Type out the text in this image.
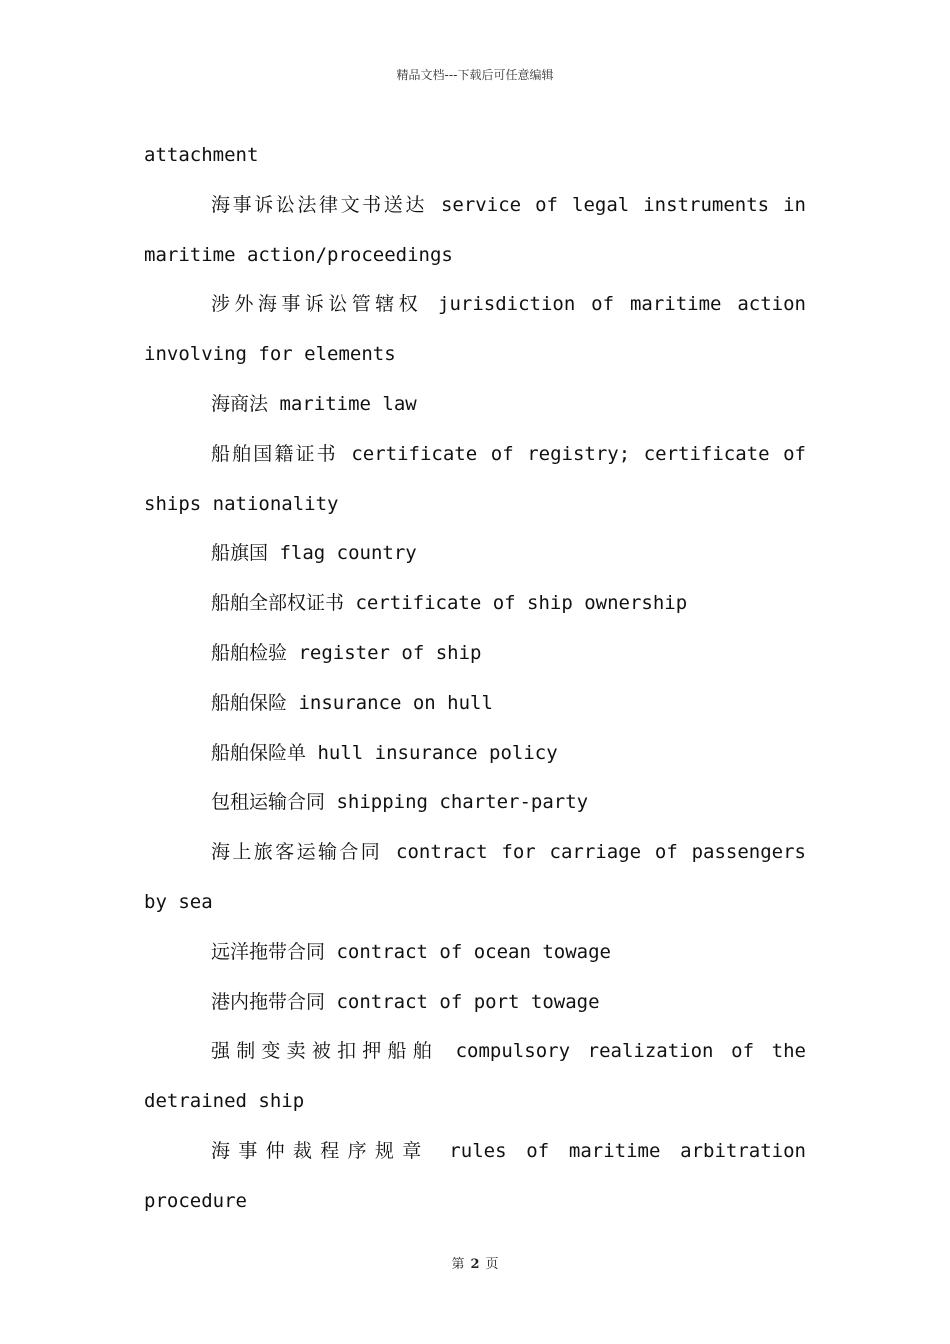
精品文档---下载后可任意编辑

attachment

海事诉讼法律文书送达 service of legal instruments in maritime action/proceedings

涉外海事诉讼管辖权 jurisdiction of maritime action involving for elements

海商法 maritime law

船舶国籍证书 certificate of registry; certificate of ships nationality

船旗国 flag country

船舶全部权证书 certificate of ship ownership

船舶检验 register of ship

船舶保险 insurance on hull

船舶保险单 hull insurance policy

包租运输合同 shipping charter-party

海上旅客运输合同 contract for carriage of passengers by sea

远洋拖带合同 contract of ocean towage

港内拖带合同 contract of port towage

强制变卖被扣押船舶 compulsory realization of the detrained ship

海事仲裁程序规章 rules of maritime arbitration procedure

第 2 页
